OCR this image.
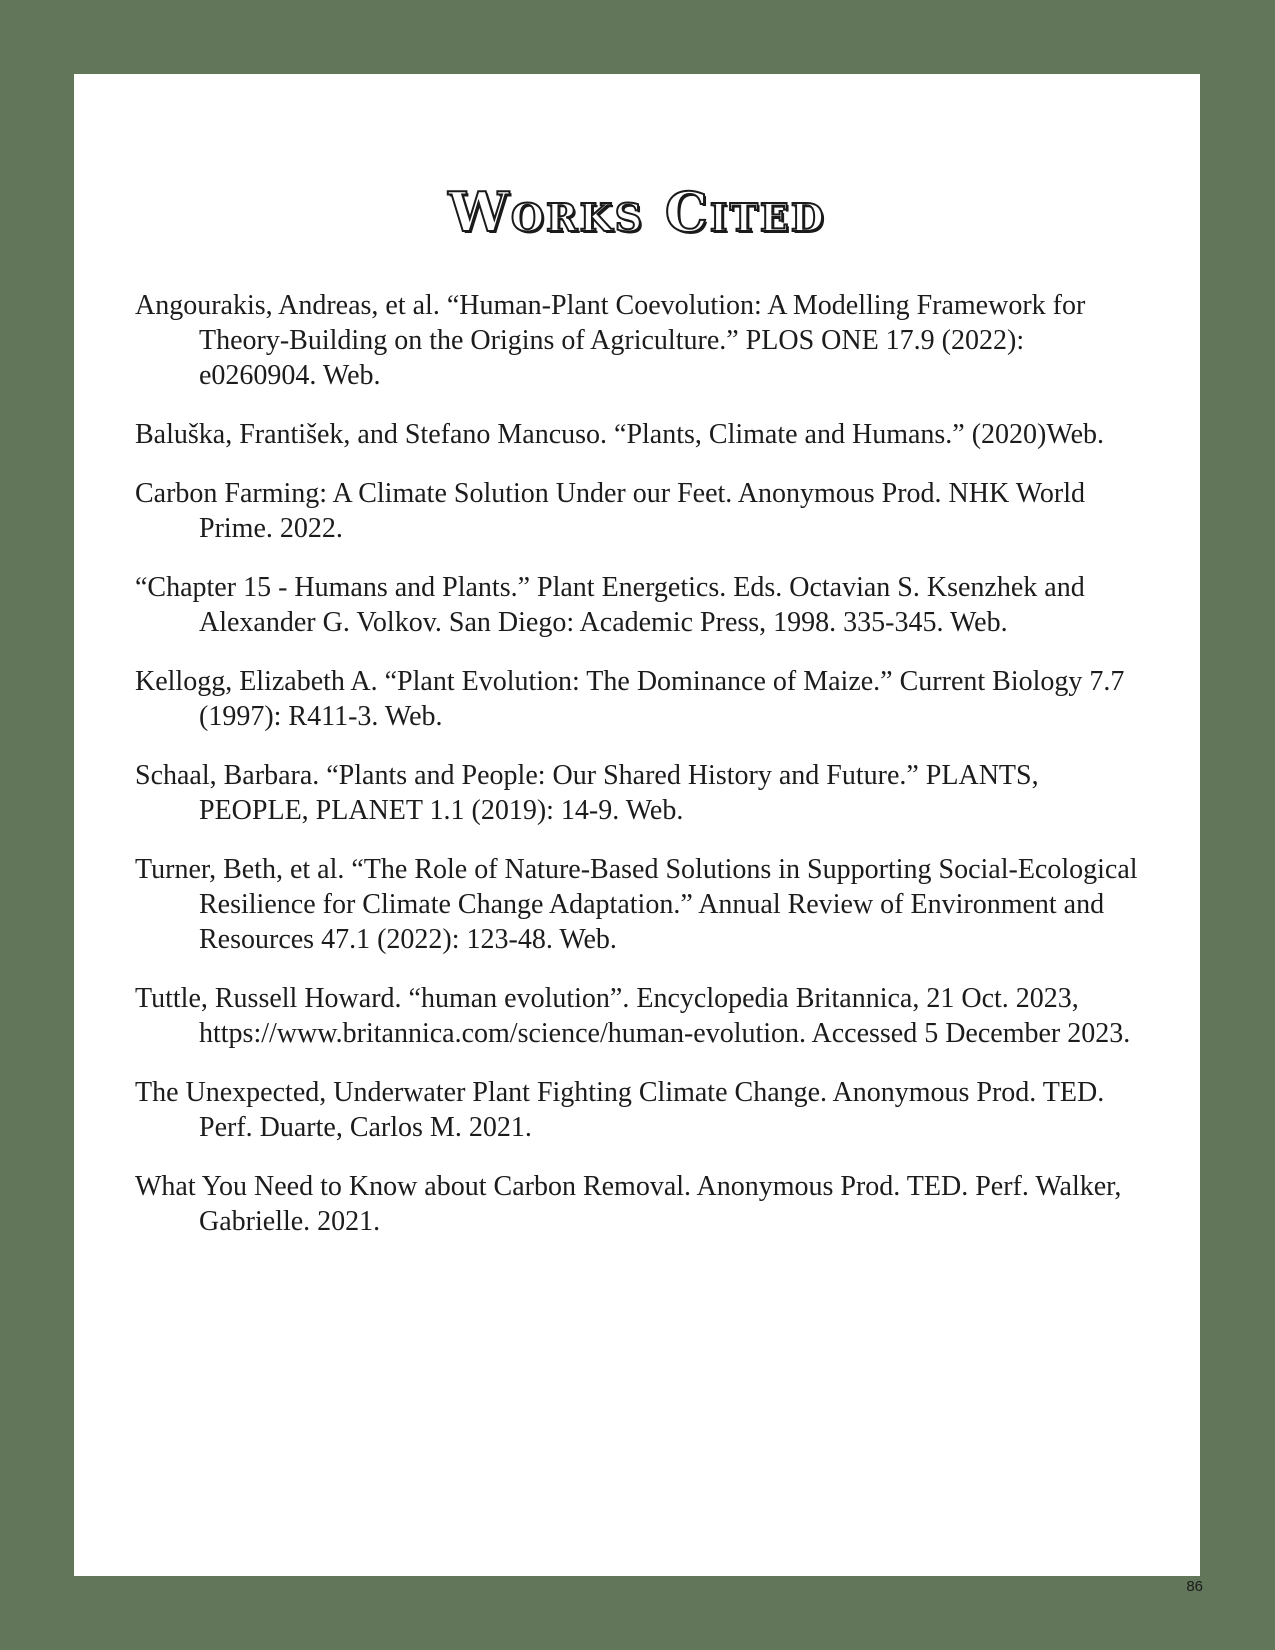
Works Cited
Angourakis, Andreas, et al. “Human-Plant Coevolution: A Modelling Framework for Theory-Building on the Origins of Agriculture.” PLOS ONE 17.9 (2022): e0260904. Web.
Baluška, František, and Stefano Mancuso. “Plants, Climate and Humans.” (2020)Web.
Carbon Farming: A Climate Solution Under our Feet. Anonymous Prod. NHK World Prime. 2022.
“Chapter 15 - Humans and Plants.” Plant Energetics. Eds. Octavian S. Ksenzhek and Alexander G. Volkov. San Diego: Academic Press, 1998. 335-345. Web.
Kellogg, Elizabeth A. “Plant Evolution: The Dominance of Maize.” Current Biology 7.7 (1997): R411-3. Web.
Schaal, Barbara. “Plants and People: Our Shared History and Future.” PLANTS, PEOPLE, PLANET 1.1 (2019): 14-9. Web.
Turner, Beth, et al. “The Role of Nature-Based Solutions in Supporting Social-Ecological Resilience for Climate Change Adaptation.” Annual Review of Environment and Resources 47.1 (2022): 123-48. Web.
Tuttle, Russell Howard. “human evolution”. Encyclopedia Britannica, 21 Oct. 2023, https://www.britannica.com/science/human-evolution. Accessed 5 December 2023.
The Unexpected, Underwater Plant Fighting Climate Change. Anonymous Prod. TED. Perf. Duarte, Carlos M. 2021.
What You Need to Know about Carbon Removal. Anonymous Prod. TED. Perf. Walker, Gabrielle. 2021.
86
